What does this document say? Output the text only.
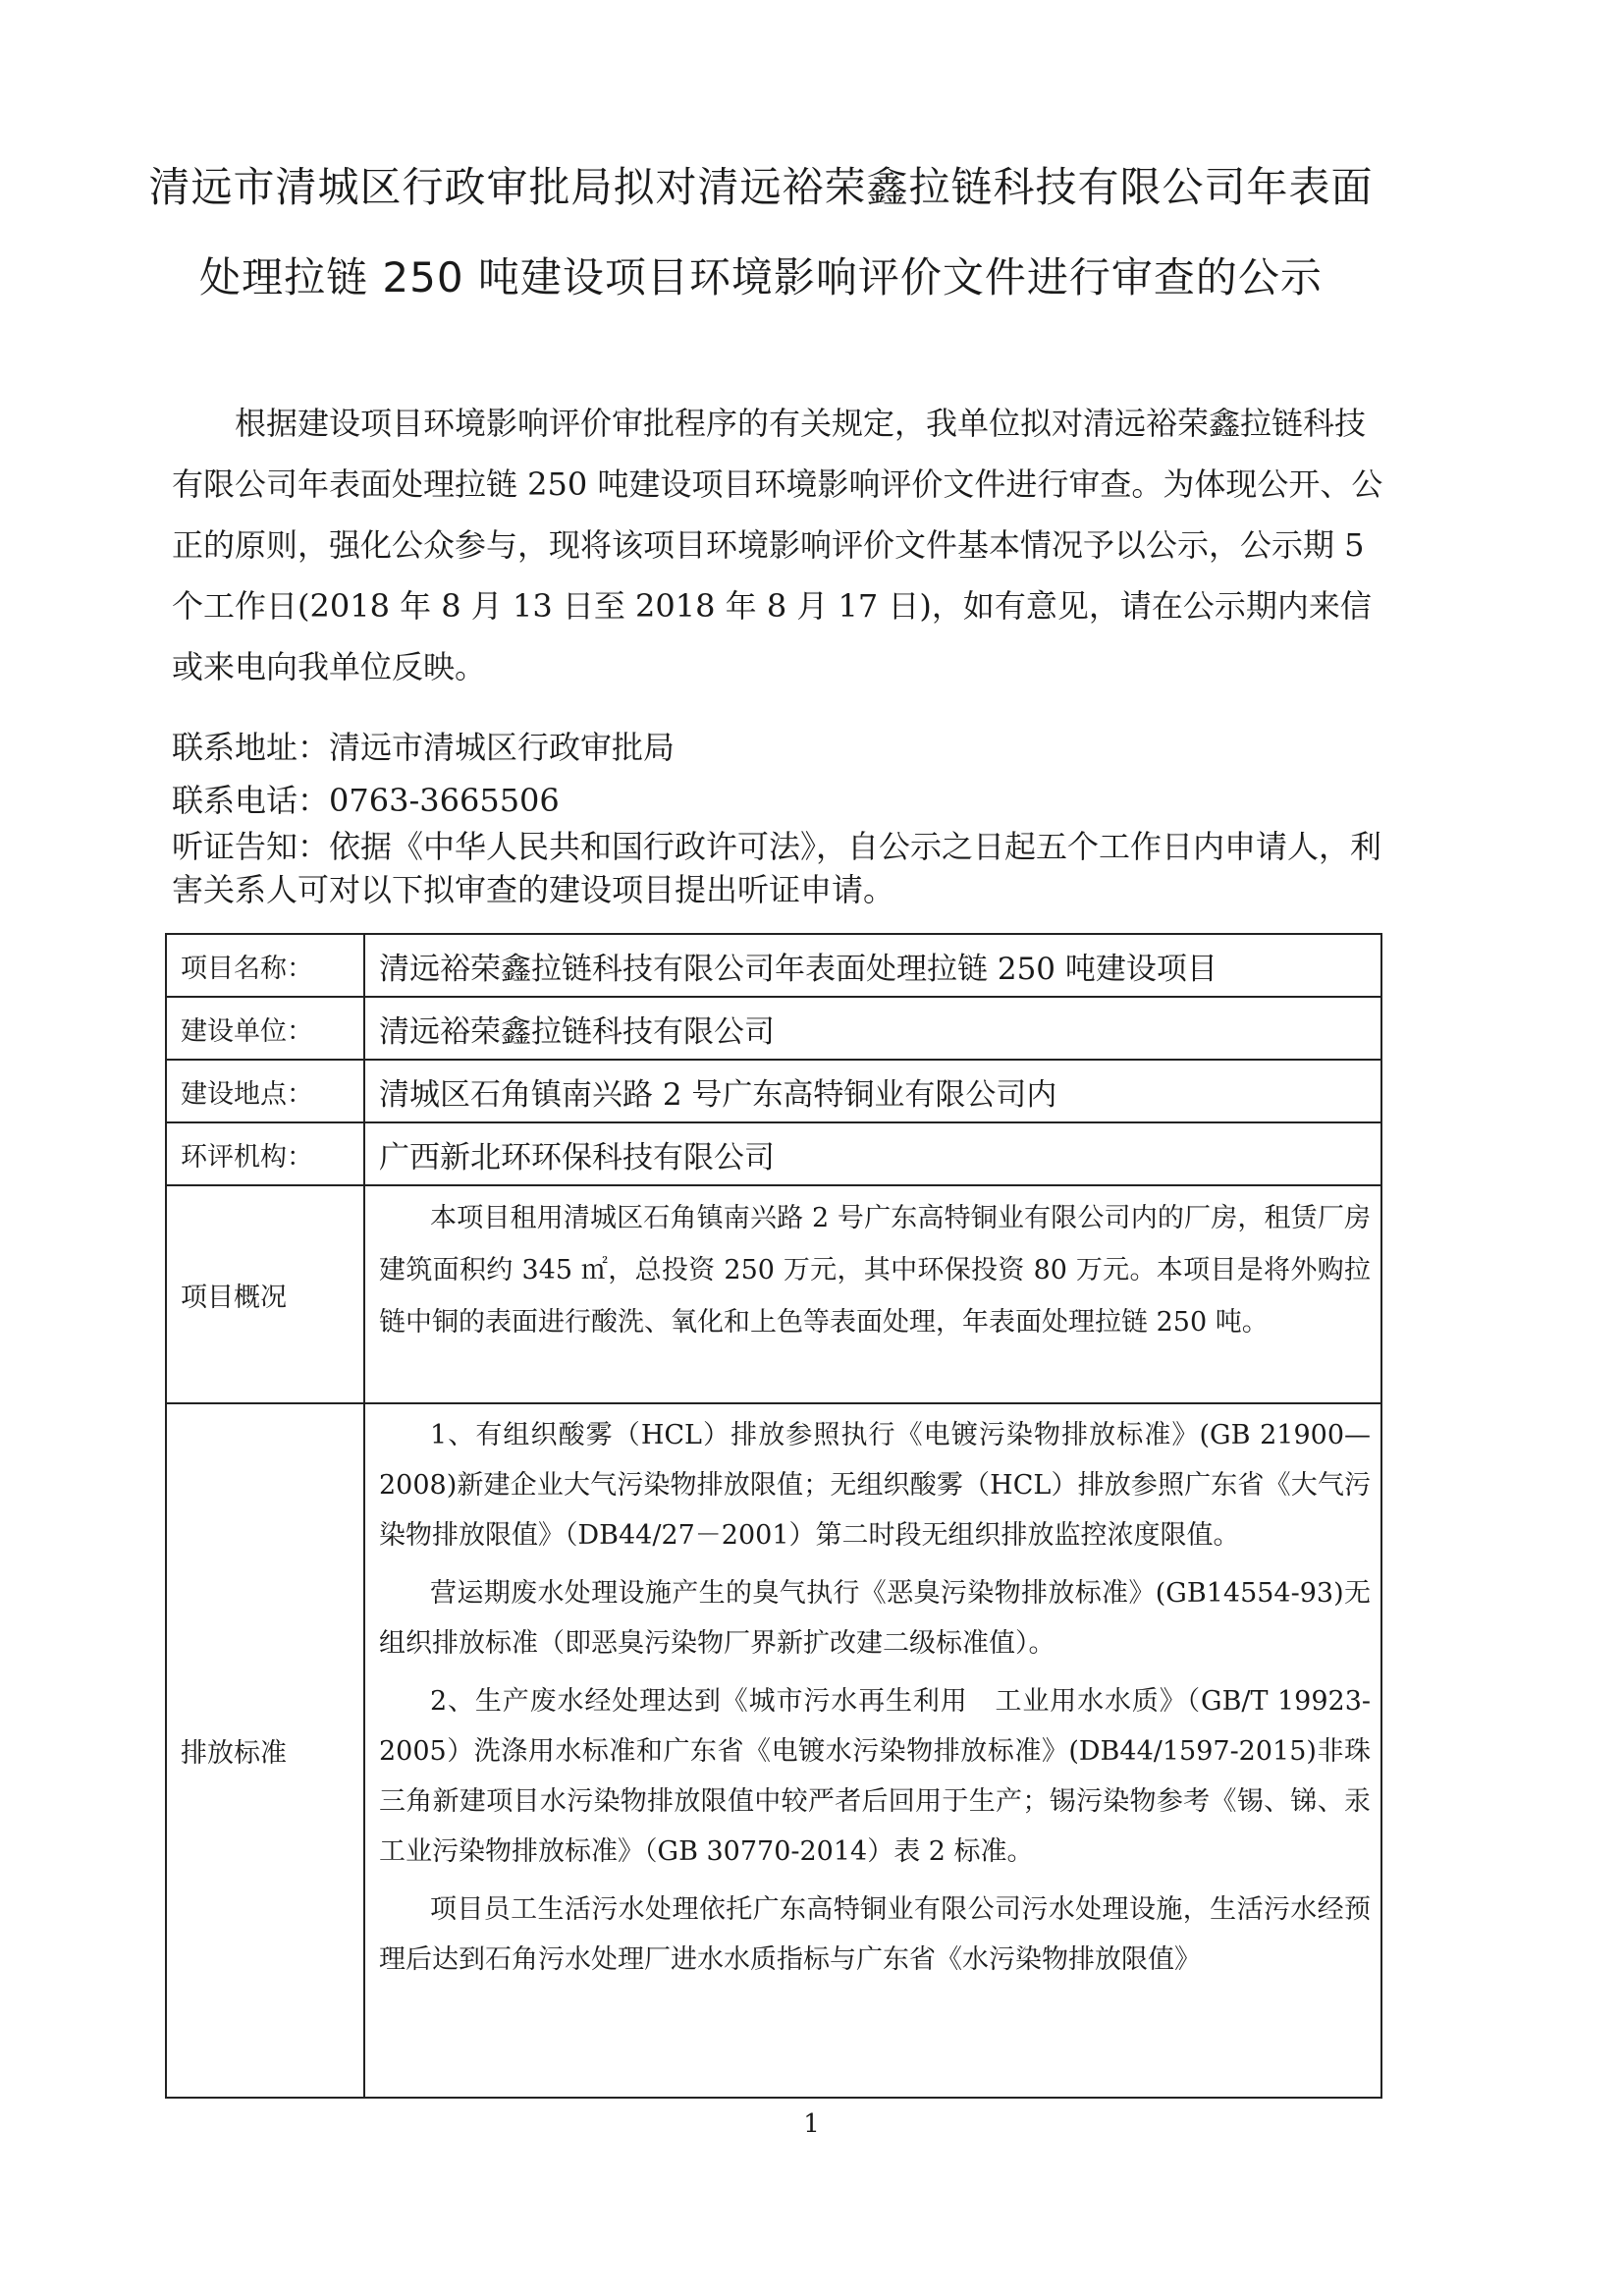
清远市清城区行政审批局拟对清远裕荣鑫拉链科技有限公司年表面
处理拉链 250 吨建设项目环境影响评价文件进行审查的公示

根据建设项目环境影响评价审批程序的有关规定，我单位拟对清远裕荣鑫拉链科技有限公司年表面处理拉链 250 吨建设项目环境影响评价文件进行审查。为体现公开、公正的原则，强化公众参与，现将该项目环境影响评价文件基本情况予以公示，公示期 5 个工作日(2018 年 8 月 13 日至 2018 年 8 月 17 日)，如有意见，请在公示期内来信或来电向我单位反映。

联系地址：清远市清城区行政审批局
联系电话：0763-3665506
听证告知：依据《中华人民共和国行政许可法》，自公示之日起五个工作日内申请人，利害关系人可对以下拟审查的建设项目提出听证申请。
项目名称：	清远裕荣鑫拉链科技有限公司年表面处理拉链 250 吨建设项目
建设单位：	清远裕荣鑫拉链科技有限公司
建设地点：	清城区石角镇南兴路 2 号广东高特铜业有限公司内
环评机构：	广西新北环环保科技有限公司
项目概况	本项目租用清城区石角镇南兴路 2 号广东高特铜业有限公司内的厂房，租赁厂房建筑面积约 345 ㎡，总投资 250 万元，其中环保投资 80 万元。本项目是将外购拉链中铜的表面进行酸洗、氧化和上色等表面处理，年表面处理拉链 250 吨。

排放标准	1、有组织酸雾（HCL）排放参照执行《电镀污染物排放标准》(GB 21900—2008)新建企业大气污染物排放限值；无组织酸雾（HCL）排放参照广东省《大气污染物排放限值》（DB44/27－2001）第二时段无组织排放监控浓度限值。

营运期废水处理设施产生的臭气执行《恶臭污染物排放标准》(GB14554-93)无组织排放标准（即恶臭污染物厂界新扩改建二级标准值）。

2、生产废水经处理达到《城市污水再生利用　工业用水水质》（GB/T 19923-2005）洗涤用水标准和广东省《电镀水污染物排放标准》(DB44/1597-2015)非珠三角新建项目水污染物排放限值中较严者后回用于生产；锡污染物参考《锡、锑、汞工业污染物排放标准》（GB 30770-2014）表 2 标准。

项目员工生活污水处理依托广东高特铜业有限公司污水处理设施，生活污水经预理后达到石角污水处理厂进水水质指标与广东省《水污染物排放限值》

1
